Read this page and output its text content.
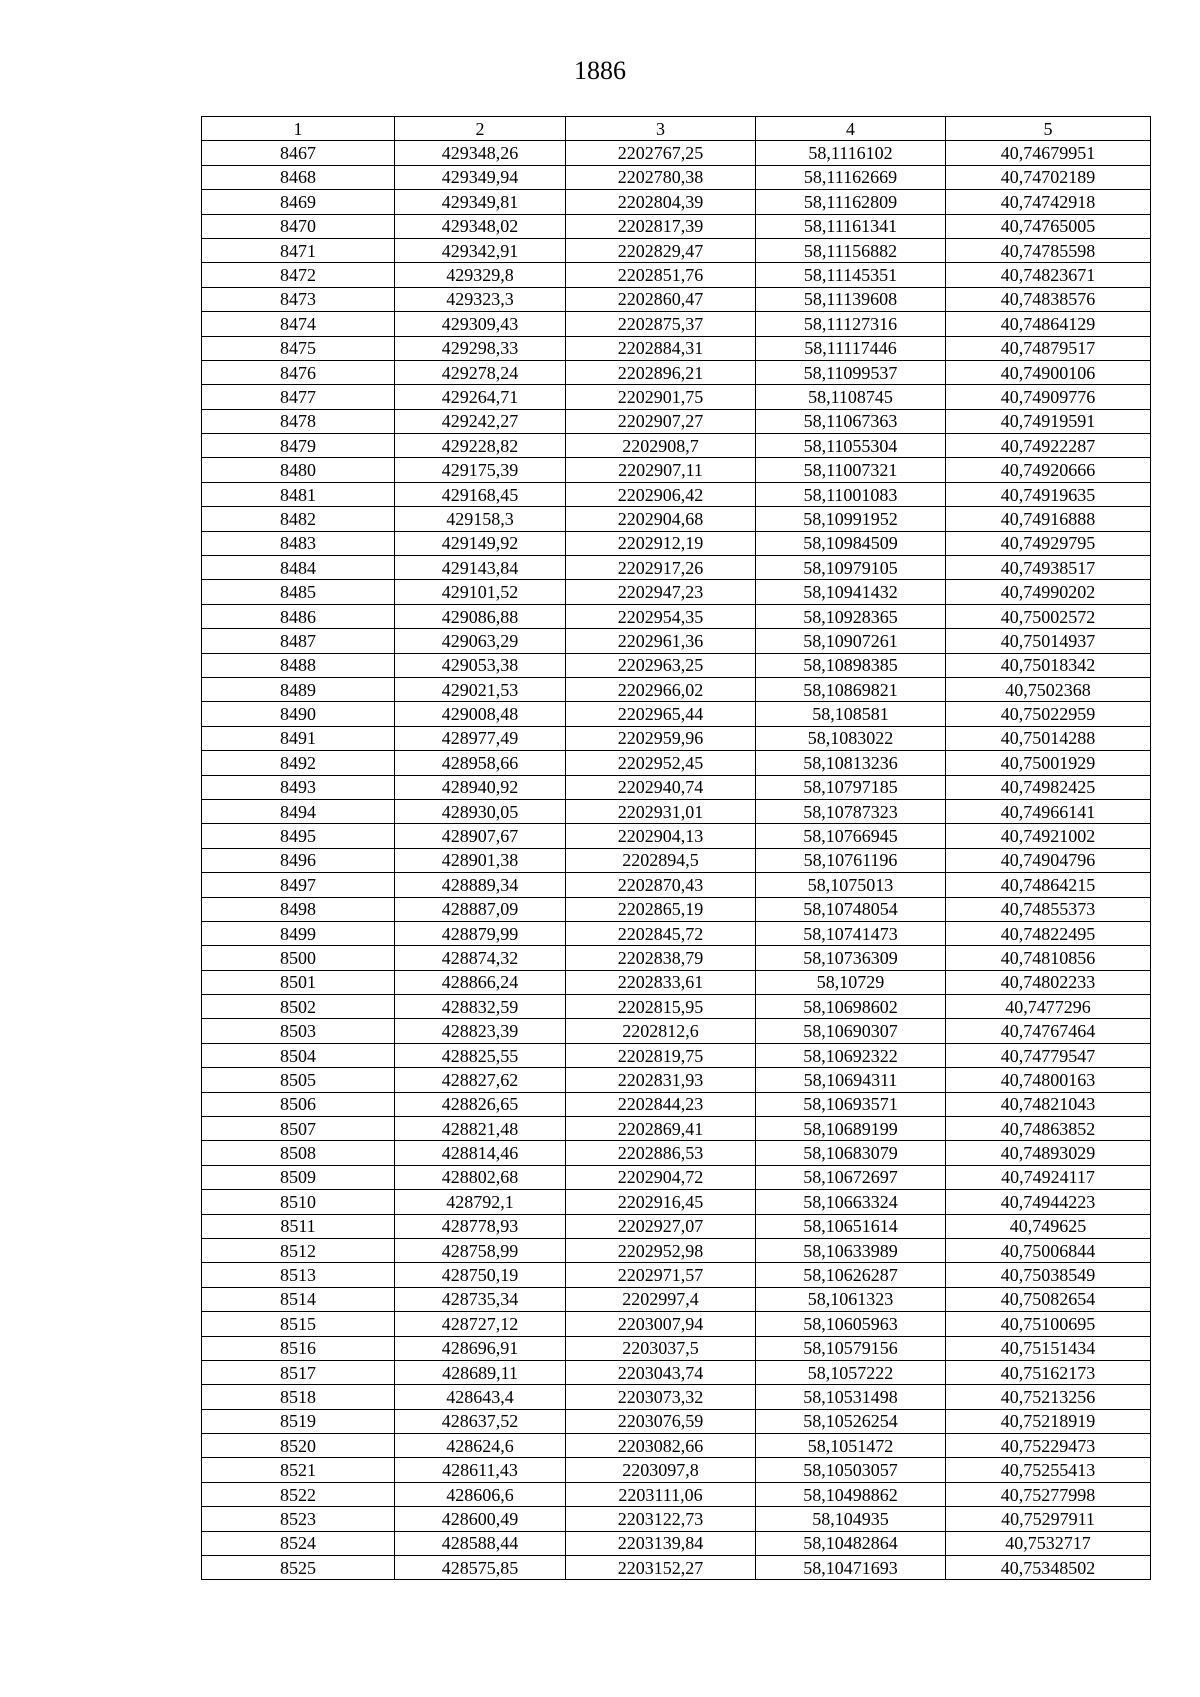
1886
1	2	3	4	5
8467	429348,26	2202767,25	58,1116102	40,74679951
8468	429349,94	2202780,38	58,11162669	40,74702189
8469	429349,81	2202804,39	58,11162809	40,74742918
8470	429348,02	2202817,39	58,11161341	40,74765005
8471	429342,91	2202829,47	58,11156882	40,74785598
8472	429329,8	2202851,76	58,11145351	40,74823671
8473	429323,3	2202860,47	58,11139608	40,74838576
8474	429309,43	2202875,37	58,11127316	40,74864129
8475	429298,33	2202884,31	58,11117446	40,74879517
8476	429278,24	2202896,21	58,11099537	40,74900106
8477	429264,71	2202901,75	58,1108745	40,74909776
8478	429242,27	2202907,27	58,11067363	40,74919591
8479	429228,82	2202908,7	58,11055304	40,74922287
8480	429175,39	2202907,11	58,11007321	40,74920666
8481	429168,45	2202906,42	58,11001083	40,74919635
8482	429158,3	2202904,68	58,10991952	40,74916888
8483	429149,92	2202912,19	58,10984509	40,74929795
8484	429143,84	2202917,26	58,10979105	40,74938517
8485	429101,52	2202947,23	58,10941432	40,74990202
8486	429086,88	2202954,35	58,10928365	40,75002572
8487	429063,29	2202961,36	58,10907261	40,75014937
8488	429053,38	2202963,25	58,10898385	40,75018342
8489	429021,53	2202966,02	58,10869821	40,7502368
8490	429008,48	2202965,44	58,108581	40,75022959
8491	428977,49	2202959,96	58,1083022	40,75014288
8492	428958,66	2202952,45	58,10813236	40,75001929
8493	428940,92	2202940,74	58,10797185	40,74982425
8494	428930,05	2202931,01	58,10787323	40,74966141
8495	428907,67	2202904,13	58,10766945	40,74921002
8496	428901,38	2202894,5	58,10761196	40,74904796
8497	428889,34	2202870,43	58,1075013	40,74864215
8498	428887,09	2202865,19	58,10748054	40,74855373
8499	428879,99	2202845,72	58,10741473	40,74822495
8500	428874,32	2202838,79	58,10736309	40,74810856
8501	428866,24	2202833,61	58,10729	40,74802233
8502	428832,59	2202815,95	58,10698602	40,7477296
8503	428823,39	2202812,6	58,10690307	40,74767464
8504	428825,55	2202819,75	58,10692322	40,74779547
8505	428827,62	2202831,93	58,10694311	40,74800163
8506	428826,65	2202844,23	58,10693571	40,74821043
8507	428821,48	2202869,41	58,10689199	40,74863852
8508	428814,46	2202886,53	58,10683079	40,74893029
8509	428802,68	2202904,72	58,10672697	40,74924117
8510	428792,1	2202916,45	58,10663324	40,74944223
8511	428778,93	2202927,07	58,10651614	40,749625
8512	428758,99	2202952,98	58,10633989	40,75006844
8513	428750,19	2202971,57	58,10626287	40,75038549
8514	428735,34	2202997,4	58,1061323	40,75082654
8515	428727,12	2203007,94	58,10605963	40,75100695
8516	428696,91	2203037,5	58,10579156	40,75151434
8517	428689,11	2203043,74	58,1057222	40,75162173
8518	428643,4	2203073,32	58,10531498	40,75213256
8519	428637,52	2203076,59	58,10526254	40,75218919
8520	428624,6	2203082,66	58,1051472	40,75229473
8521	428611,43	2203097,8	58,10503057	40,75255413
8522	428606,6	2203111,06	58,10498862	40,75277998
8523	428600,49	2203122,73	58,104935	40,75297911
8524	428588,44	2203139,84	58,10482864	40,7532717
8525	428575,85	2203152,27	58,10471693	40,75348502
